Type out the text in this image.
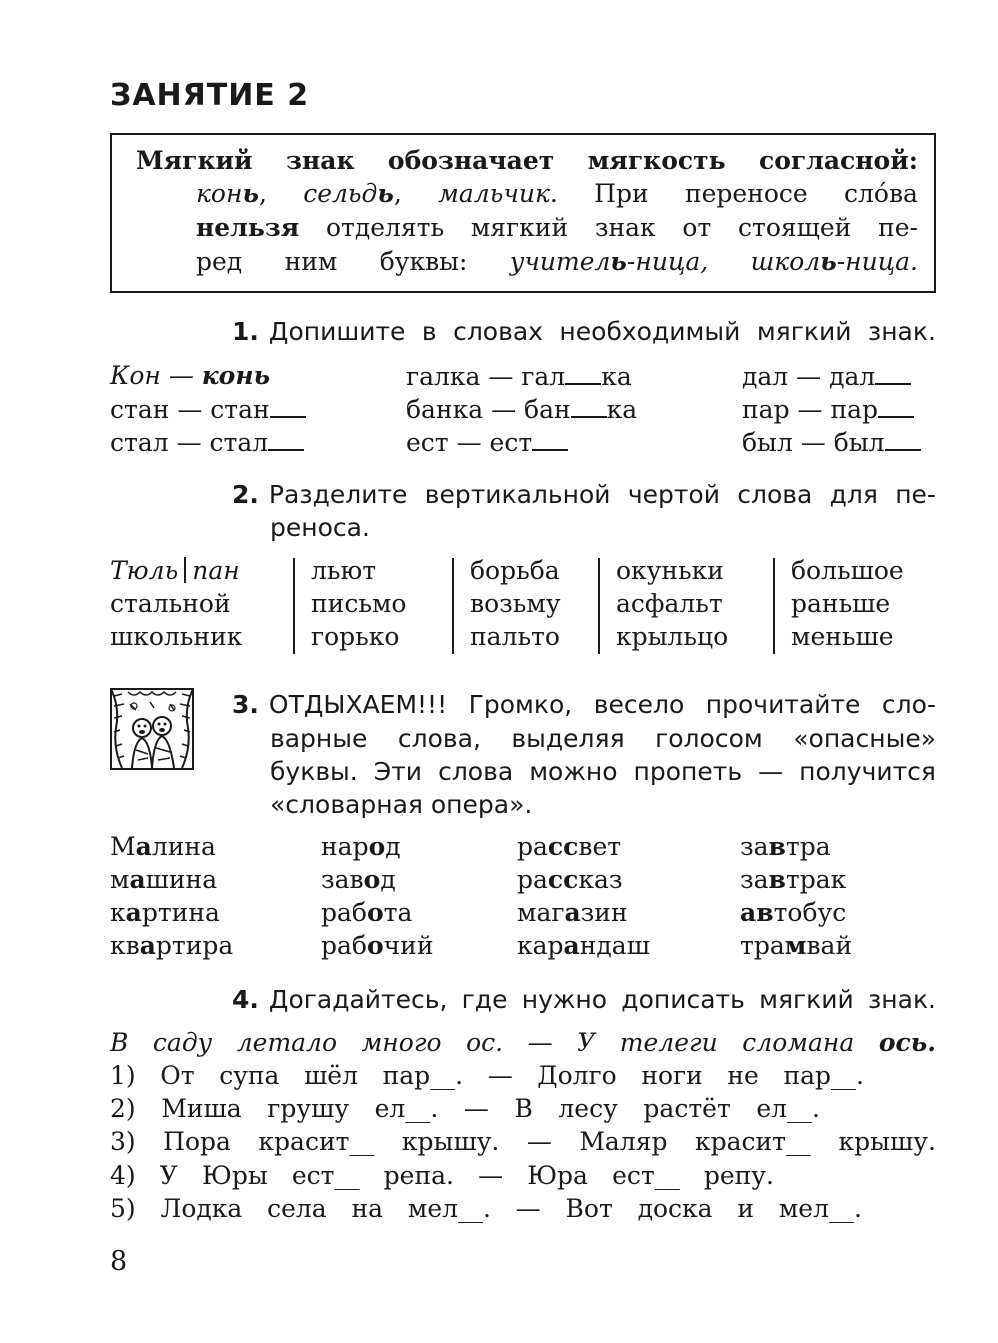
ЗАНЯТИЕ 2
Мягкий знак обозначает мягкость согласной:
конь, сельдь, мальчик. При переносе сло́ва
нельзя отделять мягкий знак от стоящей пе-
ред ним буквы: учитель-ница, школь-ница.
1. Допишите в словах необходимый мягкий знак.
Кон — конь
стан — стан
стал — стал
галка — гал ка
банка — бан ка
ест — ест
дал — дал
пар — пар
был — был
2. Разделите вертикальной чертой слова для пе-
реноса.
Тюль пан
стальной
школьник
льют
письмо
горько
борьба
возьму
пальто
окуньки
асфальт
крыльцо
большое
раньше
меньше
3. ОТДЫХАЕМ!!! Громко, весело прочитайте сло-
варные слова, выделяя голосом «опасные»
буквы. Эти слова можно пропеть — получится
«словарная опера».
Малина
машина
картина
квартира
народ
завод
работа
рабочий
рассвет
рассказ
магазин
карандаш
завтра
завтрак
автобус
трамвай
4. Догадайтесь, где нужно дописать мягкий знак.
В саду летало много ос. — У телеги сломана ось.
1) От супа шёл пар__. — Долго ноги не пар__.
2) Миша грушу ел__. — В лесу растёт ел__.
3) Пора красит__ крышу. — Маляр красит__ крышу.
4) У Юры ест__ репа. — Юра ест__ репу.
5) Лодка села на мел__. — Вот доска и мел__.
8
